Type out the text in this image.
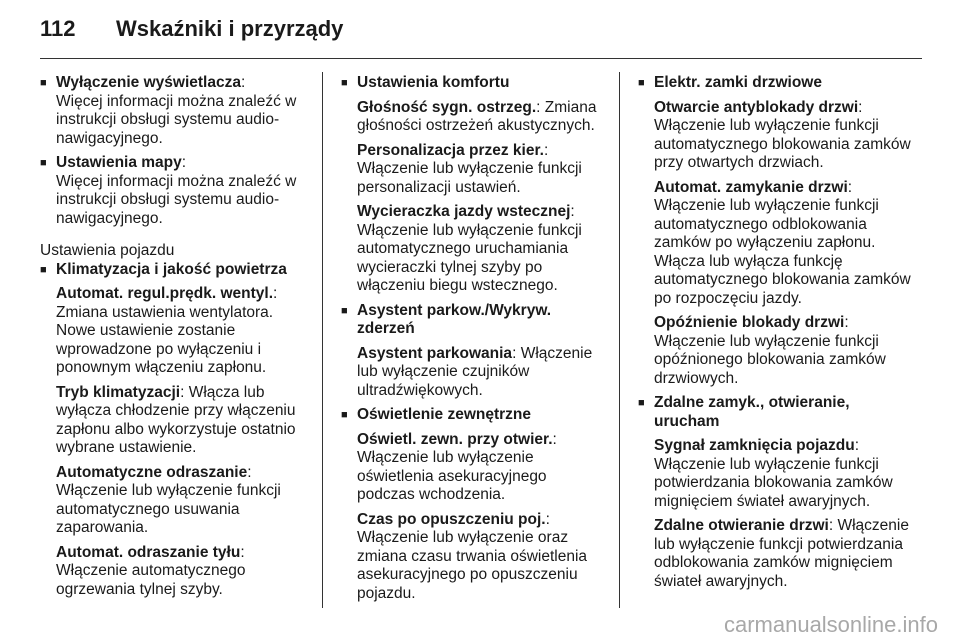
112 Wskaźniki i przyrządy
■ Wyłączenie wyświetlacza:
Więcej informacji można znaleźć w instrukcji obsługi systemu audio-nawigacyjnego.
■ Ustawienia mapy:
Więcej informacji można znaleźć w instrukcji obsługi systemu audio-nawigacyjnego.
Ustawienia pojazdu
■ Klimatyzacja i jakość powietrza
Automat. regul.prędk. wentyl.: Zmiana ustawienia wentylatora. Nowe ustawienie zostanie wprowadzone po wyłączeniu i ponownym włączeniu zapłonu.
Tryb klimatyzacji: Włącza lub wyłącza chłodzenie przy włączeniu zapłonu albo wykorzystuje ostatnio wybrane ustawienie.
Automatyczne odraszanie: Włączenie lub wyłączenie funkcji automatycznego usuwania zaparowania.
Automat. odraszanie tyłu: Włączenie automatycznego ogrzewania tylnej szyby.
■ Ustawienia komfortu
Głośność sygn. ostrzeg.: Zmiana głośności ostrzeżeń akustycznych.
Personalizacja przez kier.: Włączenie lub wyłączenie funkcji personalizacji ustawień.
Wycieraczka jazdy wstecznej: Włączenie lub wyłączenie funkcji automatycznego uruchamiania wycieraczki tylnej szyby po włączeniu biegu wstecznego.
■ Asystent parkow./Wykryw. zderzeń
Asystent parkowania: Włączenie lub wyłączenie czujników ultradźwiękowych.
■ Oświetlenie zewnętrzne
Oświetl. zewn. przy otwier.: Włączenie lub wyłączenie oświetlenia asekuracyjnego podczas wchodzenia.
Czas po opuszczeniu poj.: Włączenie lub wyłączenie oraz zmiana czasu trwania oświetlenia asekuracyjnego po opuszczeniu pojazdu.
■ Elektr. zamki drzwiowe
Otwarcie antyblokady drzwi: Włączenie lub wyłączenie funkcji automatycznego blokowania zamków przy otwartych drzwiach.
Automat. zamykanie drzwi: Włączenie lub wyłączenie funkcji automatycznego odblokowania zamków po wyłączeniu zapłonu. Włącza lub wyłącza funkcję automatycznego blokowania zamków po rozpoczęciu jazdy.
Opóźnienie blokady drzwi: Włączenie lub wyłączenie funkcji opóźnionego blokowania zamków drzwiowych.
■ Zdalne zamyk., otwieranie, urucham
Sygnał zamknięcia pojazdu: Włączenie lub wyłączenie funkcji potwierdzania blokowania zamków mignięciem świateł awaryjnych.
Zdalne otwieranie drzwi: Włączenie lub wyłączenie funkcji potwierdzania odblokowania zamków mignięciem świateł awaryjnych.
carmanualsonline.info
